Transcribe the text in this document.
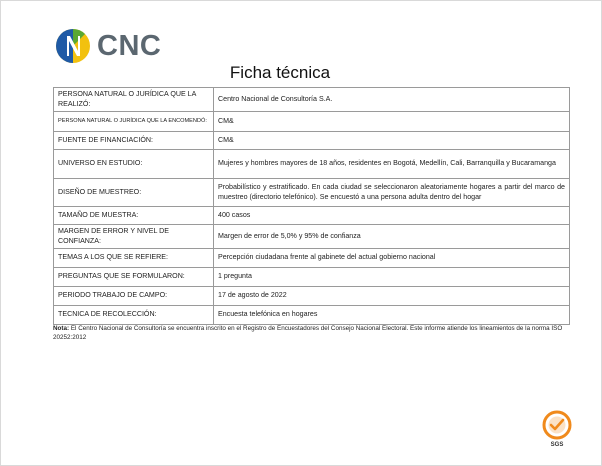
CNC
Ficha técnica
PERSONA NATURAL O JURÍDICA QUE LA REALIZÓ:	Centro Nacional de Consultoría S.A.
PERSONA NATURAL O JURÍDICA QUE LA ENCOMENDÓ:	CM&
FUENTE DE FINANCIACIÓN:	CM&
UNIVERSO EN ESTUDIO:	Mujeres y hombres mayores de 18 años, residentes en Bogotá, Medellín, Cali, Barranquilla y Bucaramanga
DISEÑO DE MUESTREO:	Probabilístico y estratificado. En cada ciudad se seleccionaron aleatoriamente hogares a partir del marco de muestreo (directorio telefónico). Se encuestó a una persona adulta dentro del hogar
TAMAÑO DE MUESTRA:	400 casos
MARGEN DE ERROR Y NIVEL DE CONFIANZA:	Margen de error de 5,0% y 95% de confianza
TEMAS A LOS QUE SE REFIERE:	Percepción ciudadana frente al gabinete del actual gobierno nacional
PREGUNTAS QUE SE FORMULARON:	1 pregunta
PERIODO TRABAJO DE CAMPO:	17 de agosto de 2022
TECNICA DE RECOLECCIÓN:	Encuesta telefónica en hogares
Nota: El Centro Nacional de Consultoría se encuentra inscrito en el Registro de Encuestadores del Consejo Nacional Electoral. Este informe atiende los lineamientos de la norma ISO 20252:2012
SGS
